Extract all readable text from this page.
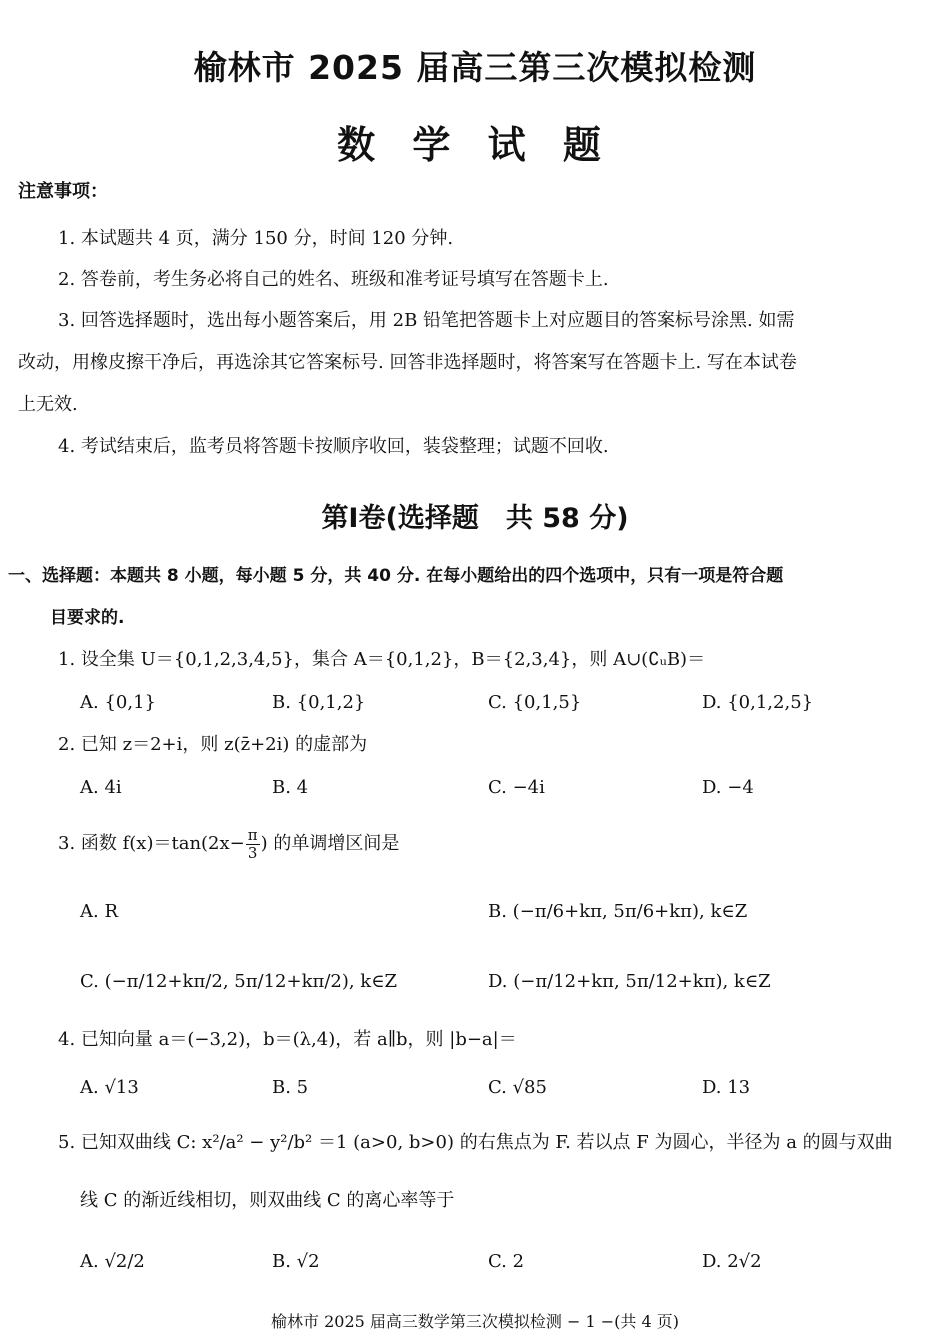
榆林市 2025 届高三第三次模拟检测
数 学 试 题
注意事项：
1. 本试题共 4 页，满分 150 分，时间 120 分钟.
2. 答卷前，考生务必将自己的姓名、班级和准考证号填写在答题卡上.
3. 回答选择题时，选出每小题答案后，用 2B 铅笔把答题卡上对应题目的答案标号涂黑. 如需
改动，用橡皮擦干净后，再选涂其它答案标号. 回答非选择题时，将答案写在答题卡上. 写在本试卷
上无效.
4. 考试结束后，监考员将答题卡按顺序收回，装袋整理；试题不回收.
第Ⅰ卷(选择题　共 58 分)
一、选择题：本题共 8 小题，每小题 5 分，共 40 分. 在每小题给出的四个选项中，只有一项是符合题
目要求的.
1. 设全集 U＝{0,1,2,3,4,5}，集合 A＝{0,1,2}，B＝{2,3,4}，则 A∪(∁ᵤB)＝
A. {0,1}	B. {0,1,2}	C. {0,1,5}	D. {0,1,2,5}
2. 已知 z＝2+i，则 z(z̄+2i) 的虚部为
A. 4i	B. 4	C. −4i	D. −4
3. 函数 $f(x)=\tan(2x- \frac{\pi}{3}$ ) 的单调增区间是
A. R	B. (−π/6+kπ, 5π/6+kπ), k∈Z
C. (−π/12+kπ/2, 5π/12+kπ/2), k∈Z	D. (−π/12+kπ, 5π/12+kπ), k∈Z
4. 已知向量 a＝(−3,2)，b＝(λ,4)，若 a∥b，则 |b−a|＝
A. √13	B. 5	C. √85	D. 13
5. 已知双曲线 C: x²/a² − y²/b² ＝1 (a>0, b>0) 的右焦点为 F. 若以点 F 为圆心，半径为 a 的圆与双曲
线 C 的渐近线相切，则双曲线 C 的离心率等于
A. √2/2	B. √2	C. 2	D. 2√2
榆林市 2025 届高三数学第三次模拟检测 − 1 −(共 4 页)
